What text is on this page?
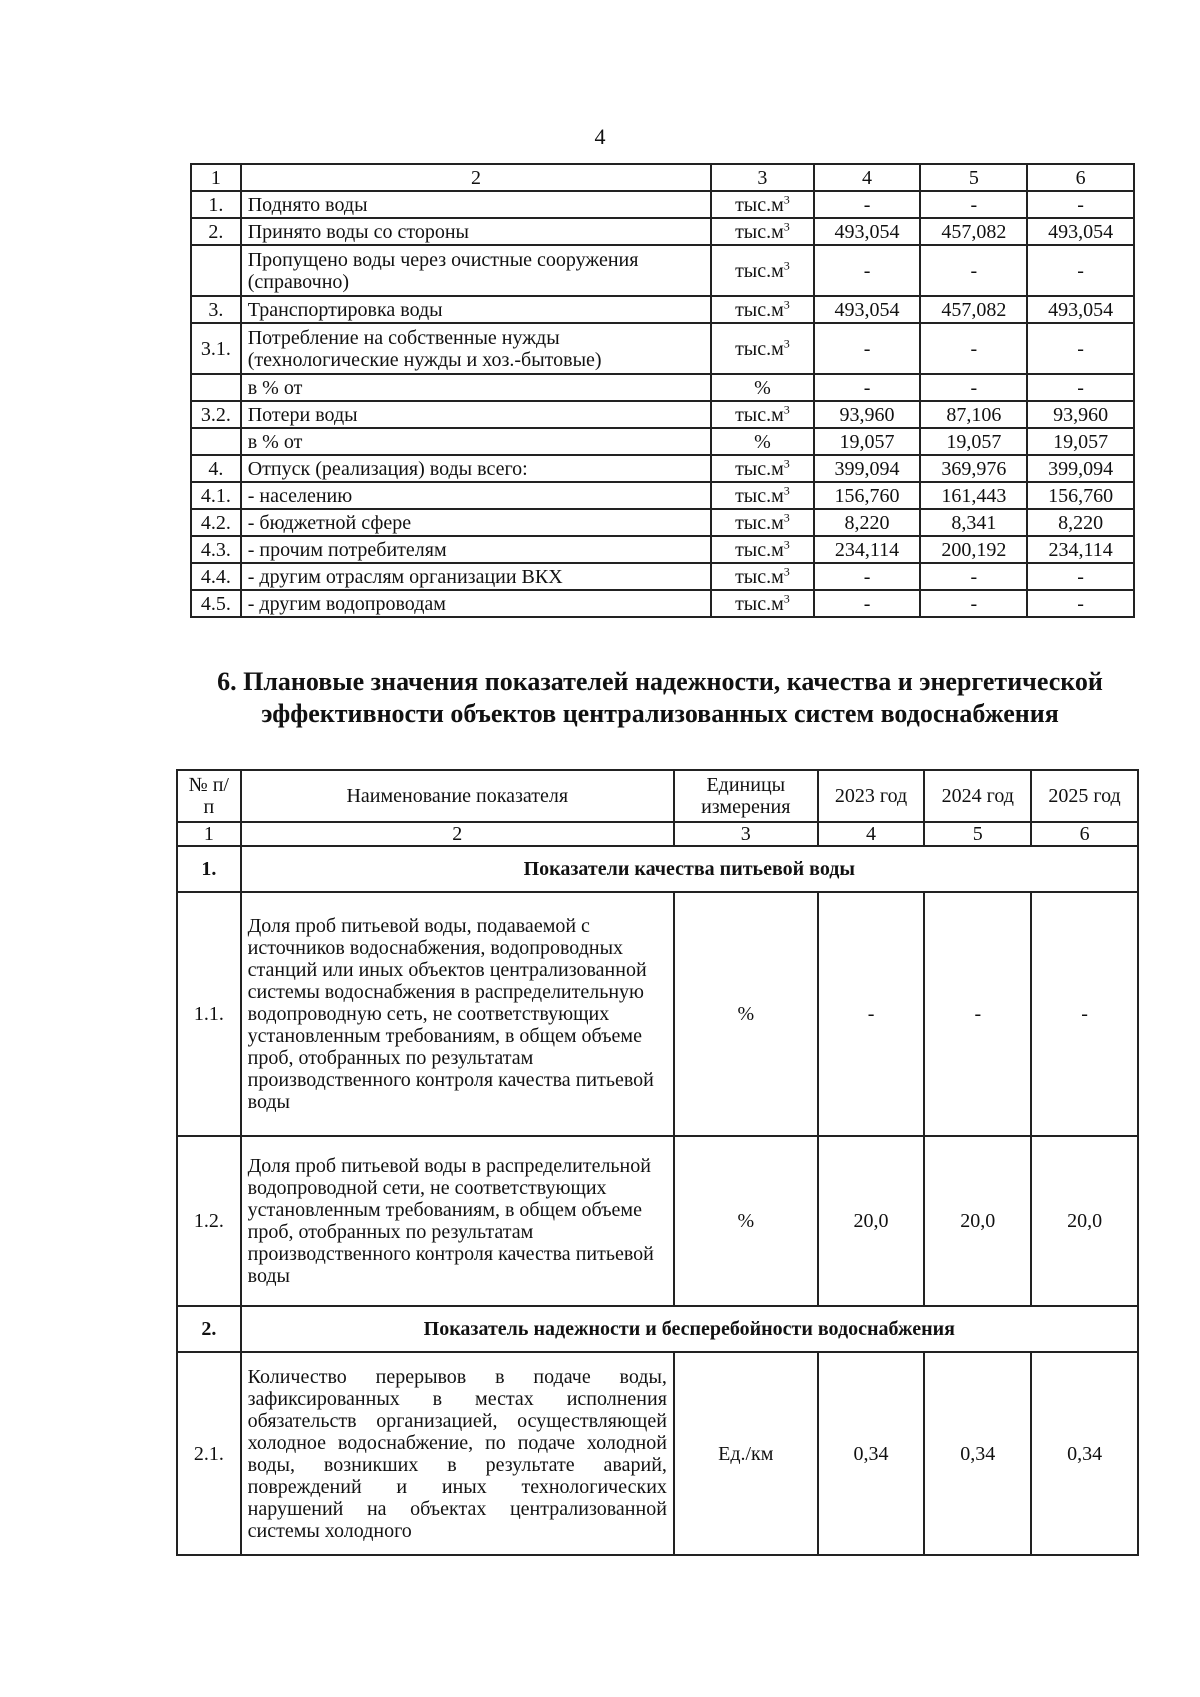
4
1	2	3	4	5	6
1.	Поднято воды	$тыс.м^3$	-	-	-
2.	Принято воды со стороны	$тыс.м^3$	493,054	457,082	493,054
	Пропущено воды через очистные сооружения (справочно)	$тыс.м^3$	-	-	-
3.	Транспортировка воды	$тыс.м^3$	493,054	457,082	493,054
3.1.	Потребление на собственные нужды (технологические нужды и хоз.-бытовые)	$тыс.м^3$	-	-	-
	в % от	%	-	-	-
3.2.	Потери воды	$тыс.м^3$	93,960	87,106	93,960
	в % от	%	19,057	19,057	19,057
4.	Отпуск (реализация) воды всего:	$тыс.м^3$	399,094	369,976	399,094
4.1.	- населению	$тыс.м^3$	156,760	161,443	156,760
4.2.	- бюджетной сфере	$тыс.м^3$	8,220	8,341	8,220
4.3.	- прочим потребителям	$тыс.м^3$	234,114	200,192	234,114
4.4.	- другим отраслям организации ВКХ	$тыс.м^3$	-	-	-
4.5.	- другим водопроводам	$тыс.м^3$	-	-	-
6. Плановые значения показателей надежности, качества и энергетической эффективности объектов централизованных систем водоснабжения
№ п/п	Наименование показателя	Единицы измерения	2023 год	2024 год	2025 год
1	2	3	4	5	6
1.	Показатели качества питьевой воды				
1.1.	Доля проб питьевой воды, подаваемой с источников водоснабжения, водопроводных станций или иных объектов централизованной системы водоснабжения в распределительную водопроводную сеть, не соответствующих установленным требованиям, в общем объеме проб, отобранных по результатам производственного контроля качества питьевой воды	%	-	-	-
1.2.	Доля проб питьевой воды в распределительной водопроводной сети, не соответствующих установленным требованиям, в общем объеме проб, отобранных по результатам производственного контроля качества питьевой воды	%	20,0	20,0	20,0
2.	Показатель надежности и бесперебойности водоснабжения				
2.1.	Количество перерывов в подаче воды, зафиксированных в местах исполнения обязательств организацией, осуществляющей холодное водоснабжение, по подаче холодной воды, возникших в результате аварий, повреждений и иных технологических нарушений на объектах централизованной системы холодного	Ед./км	0,34	0,34	0,34
